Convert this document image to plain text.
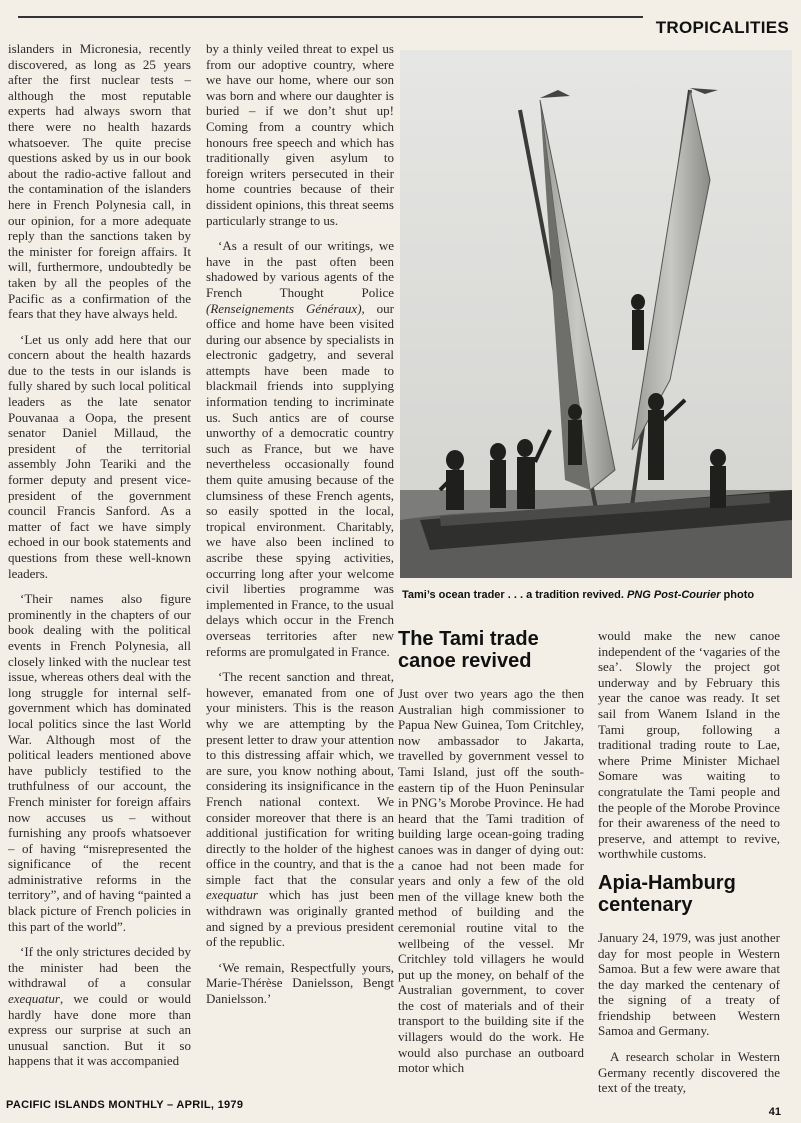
TROPICALITIES

islanders in Micronesia, recently discovered, as long as 25 years after the first nuclear tests – although the most reputable experts had always sworn that there were no health hazards whatsoever. The quite precise questions asked by us in our book about the radio-active fallout and the contamination of the islanders here in French Polynesia call, in our opinion, for a more adequate reply than the sanctions taken by the minister for foreign affairs. It will, furthermore, undoubtedly be taken by all the peoples of the Pacific as a confirmation of the fears that they have always held.

‘Let us only add here that our concern about the health hazards due to the tests in our islands is fully shared by such local political leaders as the late senator Pouvanaa a Oopa, the present senator Daniel Millaud, the president of the territorial assembly John Teariki and the former deputy and present vice-president of the government council Francis Sanford. As a matter of fact we have simply echoed in our book statements and questions from these well-known leaders.

‘Their names also figure prominently in the chapters of our book dealing with the political events in French Polynesia, all closely linked with the nuclear test issue, whereas others deal with the long struggle for internal self-government which has dominated local politics since the last World War. Although most of the political leaders mentioned above have publicly testified to the truthfulness of our account, the French minister for foreign affairs now accuses us – without furnishing any proofs whatsoever – of having “misrepresented the significance of the recent administrative reforms in the territory”, and of having “painted a black picture of French policies in this part of the world”.

‘If the only strictures decided by the minister had been the withdrawal of a consular exequatur, we could or would hardly have done more than express our surprise at such an unusual sanction. But it so happens that it was accompanied

by a thinly veiled threat to expel us from our adoptive country, where we have our home, where our son was born and where our daughter is buried – if we don’t shut up! Coming from a country which honours free speech and which has traditionally given asylum to foreign writers persecuted in their home countries because of their dissident opinions, this threat seems particularly strange to us.

‘As a result of our writings, we have in the past often been shadowed by various agents of the French Thought Police (Renseignements Généraux), our office and home have been visited during our absence by specialists in electronic gadgetry, and several attempts have been made to blackmail friends into supplying information tending to incriminate us. Such antics are of course unworthy of a democratic country such as France, but we have nevertheless occasionally found them quite amusing because of the clumsiness of these French agents, so easily spotted in the local, tropical environment. Charitably, we have also been inclined to ascribe these spying activities, occurring long after your welcome civil liberties programme was implemented in France, to the usual delays which occur in the French overseas territories after new reforms are promulgated in France.

‘The recent sanction and threat, however, emanated from one of your ministers. This is the reason why we are attempting by the present letter to draw your attention to this distressing affair which, we are sure, you know nothing about, considering its insignificance in the French national context. We consider moreover that there is an additional justification for writing directly to the holder of the highest office in the country, and that is the simple fact that the consular exequatur which has just been withdrawn was originally granted and signed by a previous president of the republic.

‘We remain, Respectfully yours, Marie-Thérèse Danielsson, Bengt Danielsson.’

Tami’s ocean trader . . . a tradition revived. PNG Post-Courier photo
The Tami trade canoe revived

Just over two years ago the then Australian high commissioner to Papua New Guinea, Tom Critchley, now ambassador to Jakarta, travelled by government vessel to Tami Island, just off the south-eastern tip of the Huon Peninsular in PNG’s Morobe Province. He had heard that the Tami tradition of building large ocean-going trading canoes was in danger of dying out: a canoe had not been made for years and only a few of the old men of the village knew both the method of building and the ceremonial routine vital to the wellbeing of the vessel. Mr Critchley told villagers he would put up the money, on behalf of the Australian government, to cover the cost of materials and of their transport to the building site if the villagers would do the work. He would also purchase an outboard motor which

would make the new canoe independent of the ‘vagaries of the sea’. Slowly the project got underway and by February this year the canoe was ready. It set sail from Wanem Island in the Tami group, following a traditional trading route to Lae, where Prime Minister Michael Somare was waiting to congratulate the Tami people and the people of the Morobe Province for their awareness of the need to preserve, and attempt to revive, worthwhile customs.

Apia-Hamburg centenary

January 24, 1979, was just another day for most people in Western Samoa. But a few were aware that the day marked the centenary of the signing of a treaty of friendship between Western Samoa and Germany.

A research scholar in Western Germany recently discovered the text of the treaty,

PACIFIC ISLANDS MONTHLY – APRIL, 1979
41
